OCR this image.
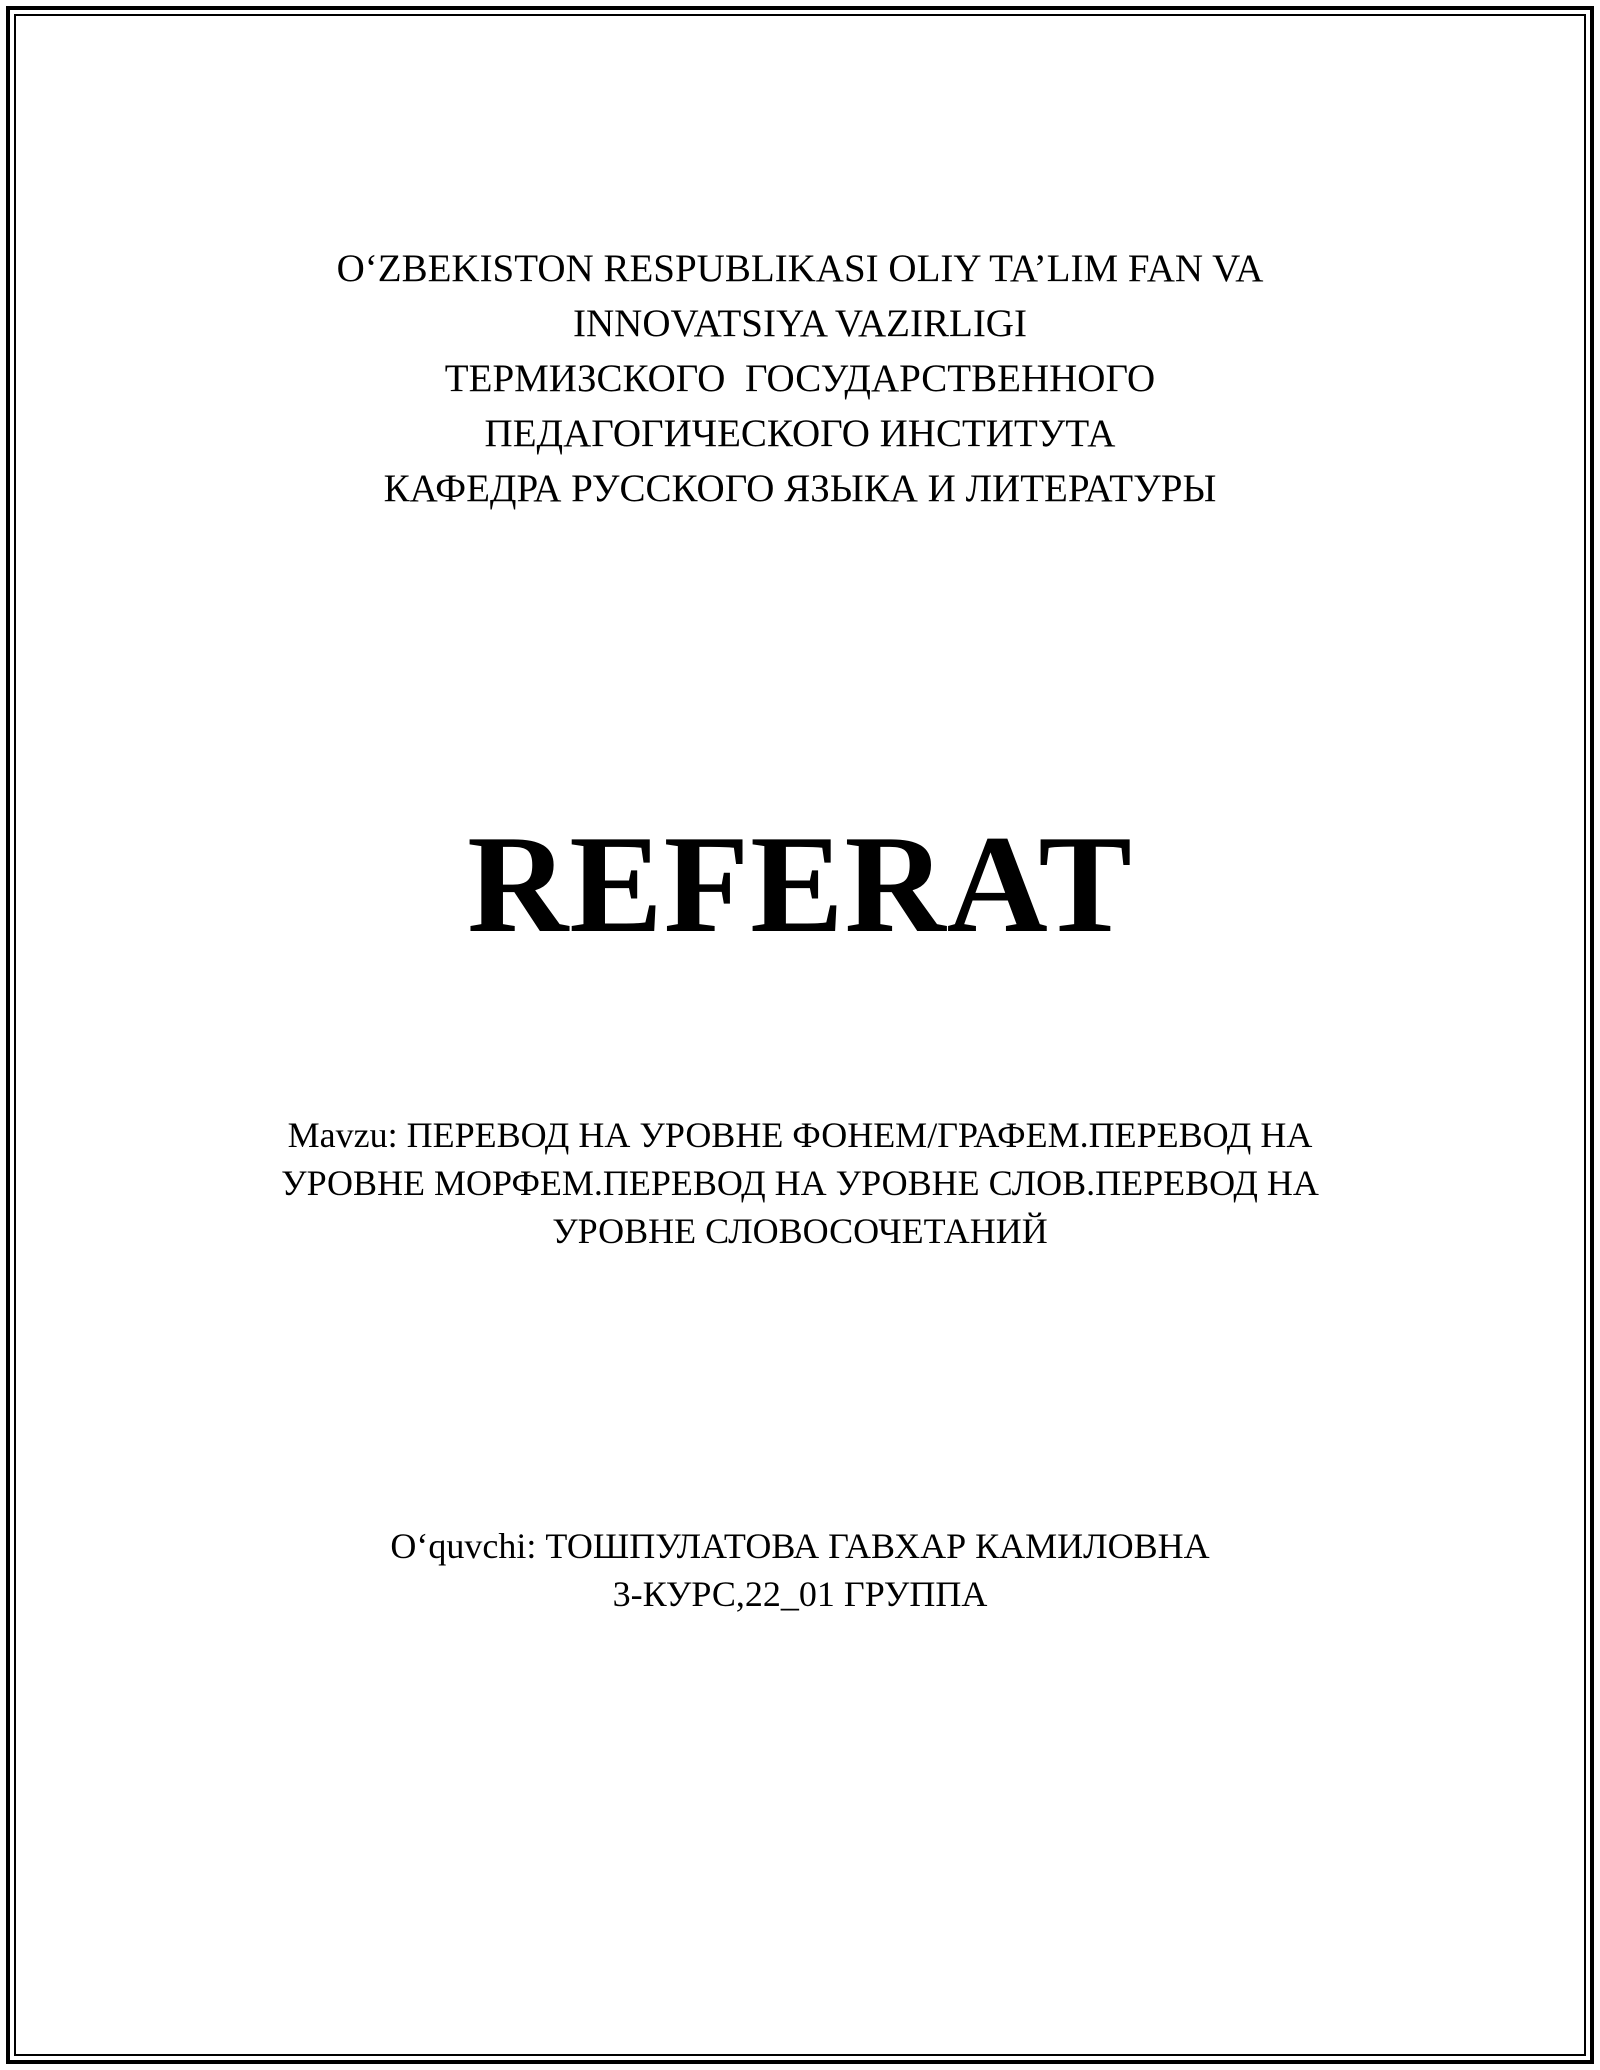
O‘ZBEKISTON RESPUBLIKASI OLIY TA’LIM FAN VA
INNOVATSIYA VAZIRLIGI
ТЕРМИЗСКОГО  ГОСУДАРСТВЕННОГО
ПЕДАГОГИЧЕСКОГО ИНСТИТУТА
КАФЕДРА РУССКОГО ЯЗЫКА И ЛИТЕРАТУРЫ
REFERAT
Mavzu: ПЕРЕВОД НА УРОВНЕ ФОНЕМ/ГРАФЕМ.ПЕРЕВОД НА
УРОВНЕ МОРФЕМ.ПЕРЕВОД НА УРОВНЕ СЛОВ.ПЕРЕВОД НА
УРОВНЕ СЛОВОСОЧЕТАНИЙ
O‘quvchi: ТОШПУЛАТОВА ГАВХАР КАМИЛОВНА
3-КУРС,22_01 ГРУППА
